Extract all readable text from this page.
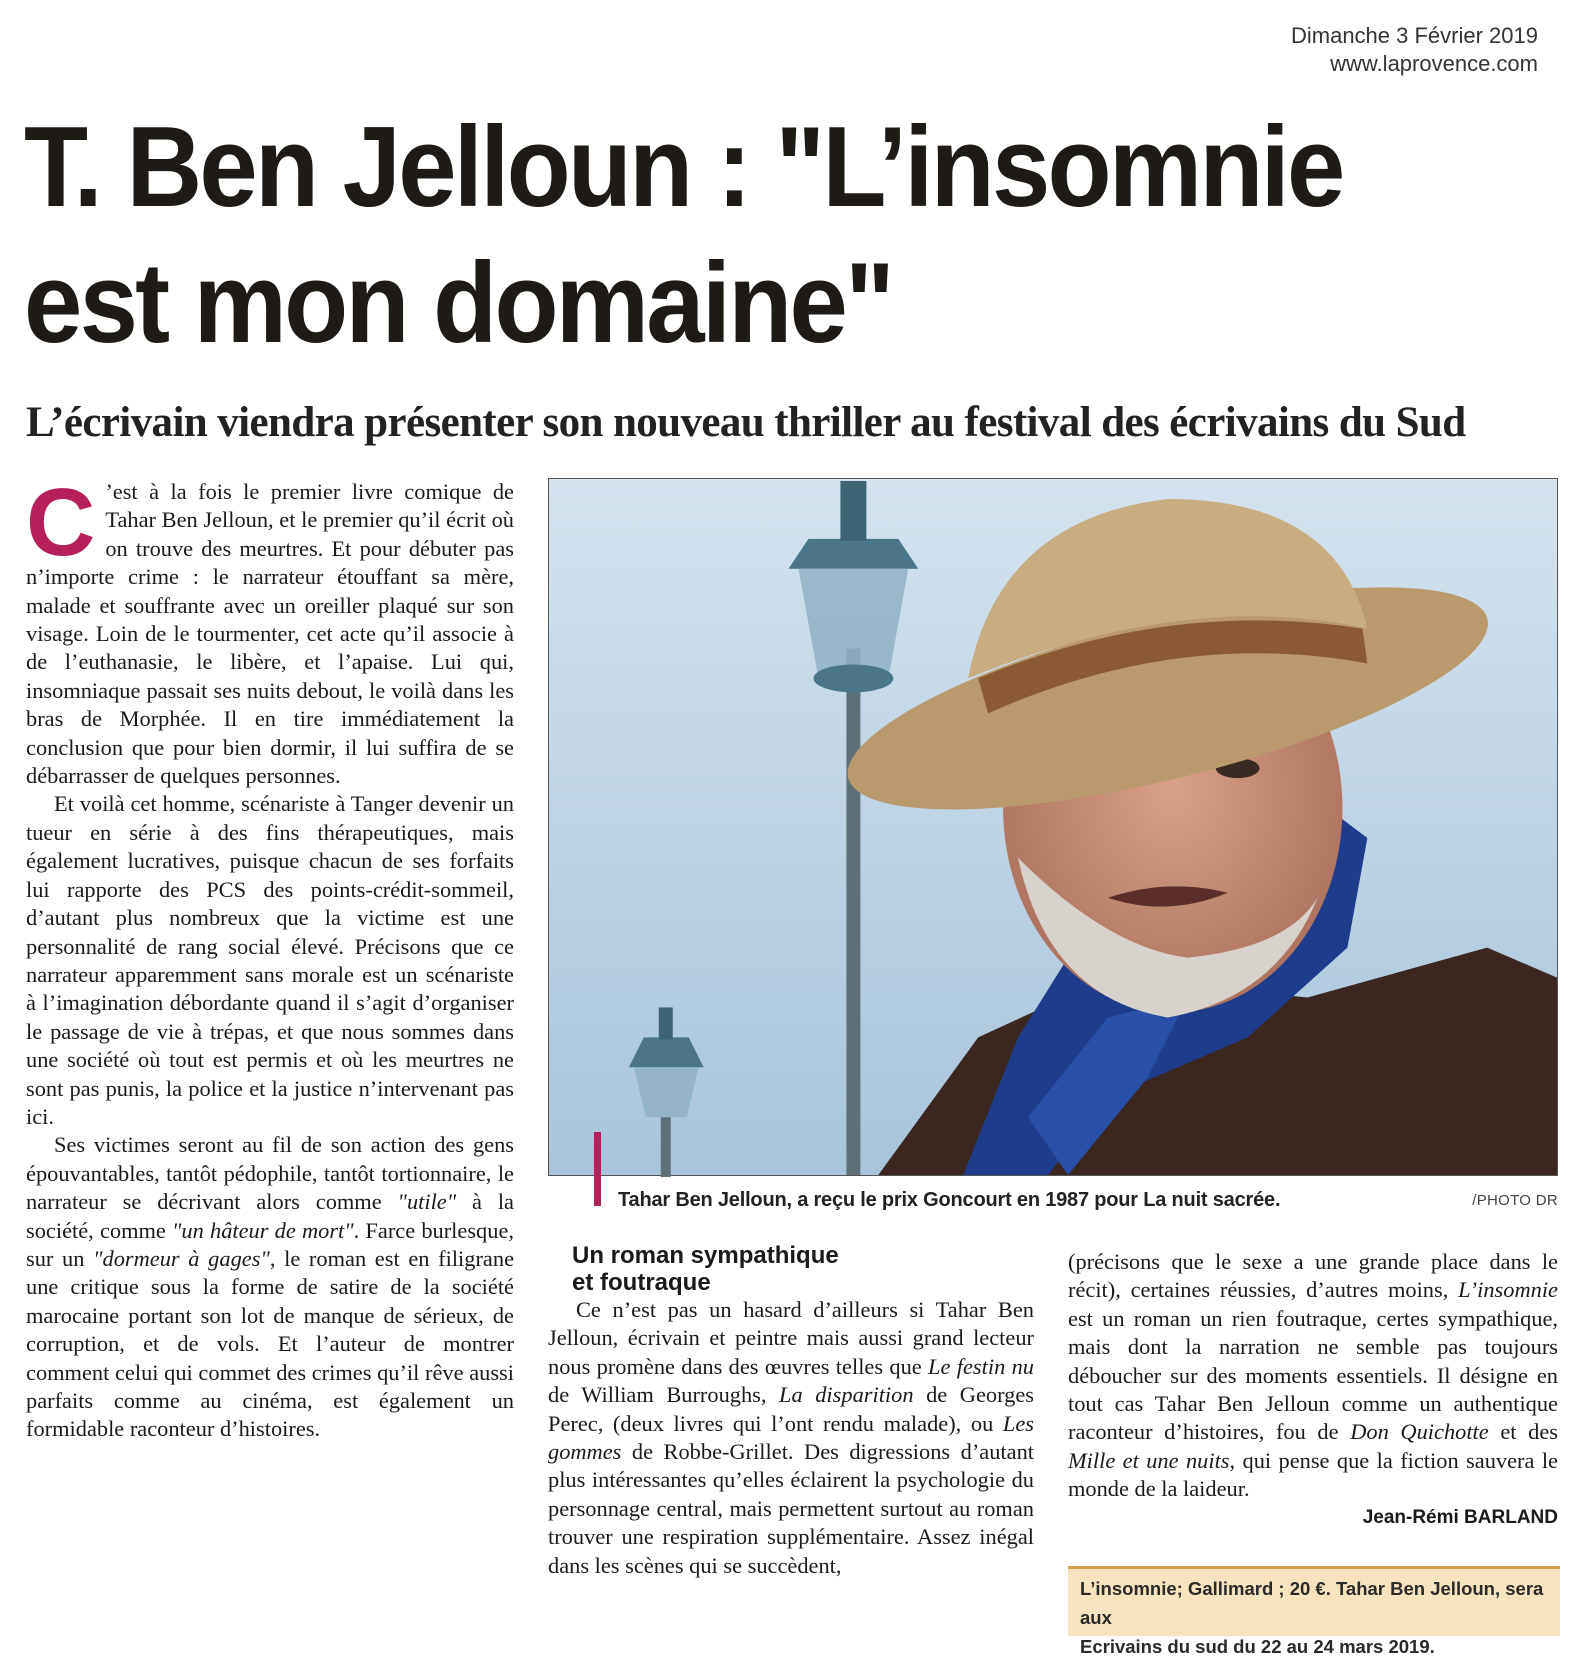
Dimanche 3 Février 2019
www.laprovence.com
T. Ben Jelloun : "L’insomnie
est mon domaine"
L’écrivain viendra présenter son nouveau thriller au festival des écrivains du Sud

C ’est à la fois le premier livre comique de Tahar Ben Jelloun, et le premier qu’il écrit où on trouve des meurtres. Et pour débuter pas n’importe crime : le narrateur étouffant sa mère, malade et souffrante avec un oreiller plaqué sur son visage. Loin de le tourmenter, cet acte qu’il associe à de l’euthanasie, le libère, et l’apaise. Lui qui, insomniaque passait ses nuits debout, le voilà dans les bras de Morphée. Il en tire immédiatement la conclusion que pour bien dormir, il lui suffira de se débarrasser de quelques personnes.

Et voilà cet homme, scénariste à Tanger devenir un tueur en série à des fins thérapeutiques, mais également lucratives, puisque chacun de ses forfaits lui rapporte des PCS des points-crédit-sommeil, d’autant plus nombreux que la victime est une personnalité de rang social élevé. Précisons que ce narrateur apparemment sans morale est un scénariste à l’imagination débordante quand il s’agit d’organiser le passage de vie à trépas, et que nous sommes dans une société où tout est permis et où les meurtres ne sont pas punis, la police et la justice n’intervenant pas ici.

Ses victimes seront au fil de son action des gens épouvantables, tantôt pédophile, tantôt tortionnaire, le narrateur se décrivant alors comme "utile" à la société, comme "un hâteur de mort". Farce burlesque, sur un "dormeur à gages", le roman est en filigrane une critique sous la forme de satire de la société marocaine portant son lot de manque de sérieux, de corruption, et de vols. Et l’auteur de montrer comment celui qui commet des crimes qu’il rêve aussi parfaits comme au cinéma, est également un formidable raconteur d’histoires.

Tahar Ben Jelloun, a reçu le prix Goncourt en 1987 pour La nuit sacrée.	/PHOTO DR
Un roman sympathique
et foutraque

Ce n’est pas un hasard d’ailleurs si Tahar Ben Jelloun, écrivain et peintre mais aussi grand lecteur nous promène dans des œuvres telles que Le festin nu de William Burroughs, La disparition de Georges Perec, (deux livres qui l’ont rendu malade), ou Les gommes de Robbe-Grillet. Des digressions d’autant plus intéressantes qu’elles éclairent la psychologie du personnage central, mais permettent surtout au roman trouver une respiration supplémentaire. Assez inégal dans les scènes qui se succèdent,

(précisons que le sexe a une grande place dans le récit), certaines réussies, d’autres moins, L’insomnie est un roman un rien foutraque, certes sympathique, mais dont la narration ne semble pas toujours déboucher sur des moments essentiels. Il désigne en tout cas Tahar Ben Jelloun comme un authentique raconteur d’histoires, fou de Don Quichotte et des Mille et une nuits, qui pense que la fiction sauvera le monde de la laideur.

Jean-Rémi BARLAND
L’insomnie; Gallimard ; 20 €. Tahar Ben Jelloun, sera aux
Ecrivains du sud du 22 au 24 mars 2019.
